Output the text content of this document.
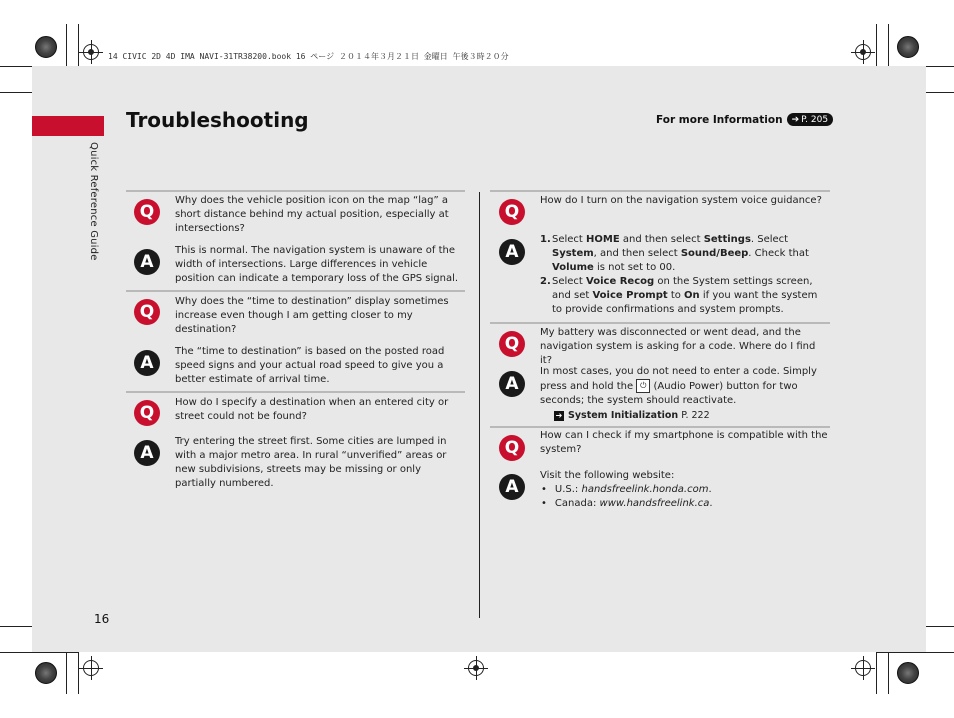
14 CIVIC 2D 4D IMA NAVI-31TR38200.book 16 ページ ２０１４年３月２１日 金曜日 午後３時２０分
Quick Reference Guide
Troubleshooting	For more Information ➔ P. 205
Q
Why does the vehicle position icon on the map “lag” a short distance behind my actual position, especially at intersections?
A
This is normal. The navigation system is unaware of the width of intersections. Large differences in vehicle position can indicate a temporary loss of the GPS signal.
Q
Why does the “time to destination” display sometimes increase even though I am getting closer to my destination?
A
The “time to destination” is based on the posted road speed signs and your actual road speed to give you a better estimate of arrival time.
Q
How do I specify a destination when an entered city or street could not be found?
A
Try entering the street first. Some cities are lumped in with a major metro area. In rural “unverified” areas or new subdivisions, streets may be missing or only partially numbered.
Q
How do I turn on the navigation system voice guidance?
A
1. Select HOME and then select Settings. Select System, and then select Sound/Beep. Check that Volume is not set to 00.
2. Select Voice Recog on the System settings screen, and set Voice Prompt to On if you want the system to provide confirmations and system prompts.
Q
My battery was disconnected or went dead, and the navigation system is asking for a code. Where do I find it?
A
In most cases, you do not need to enter a code. Simply press and hold the ⏻ (Audio Power) button for two seconds; the system should reactivate.
➔ System Initialization P. 222
Q
How can I check if my smartphone is compatible with the system?
A
Visit the following website:
• U.S.: handsfreelink.honda.com.
• Canada: www.handsfreelink.ca.
16
